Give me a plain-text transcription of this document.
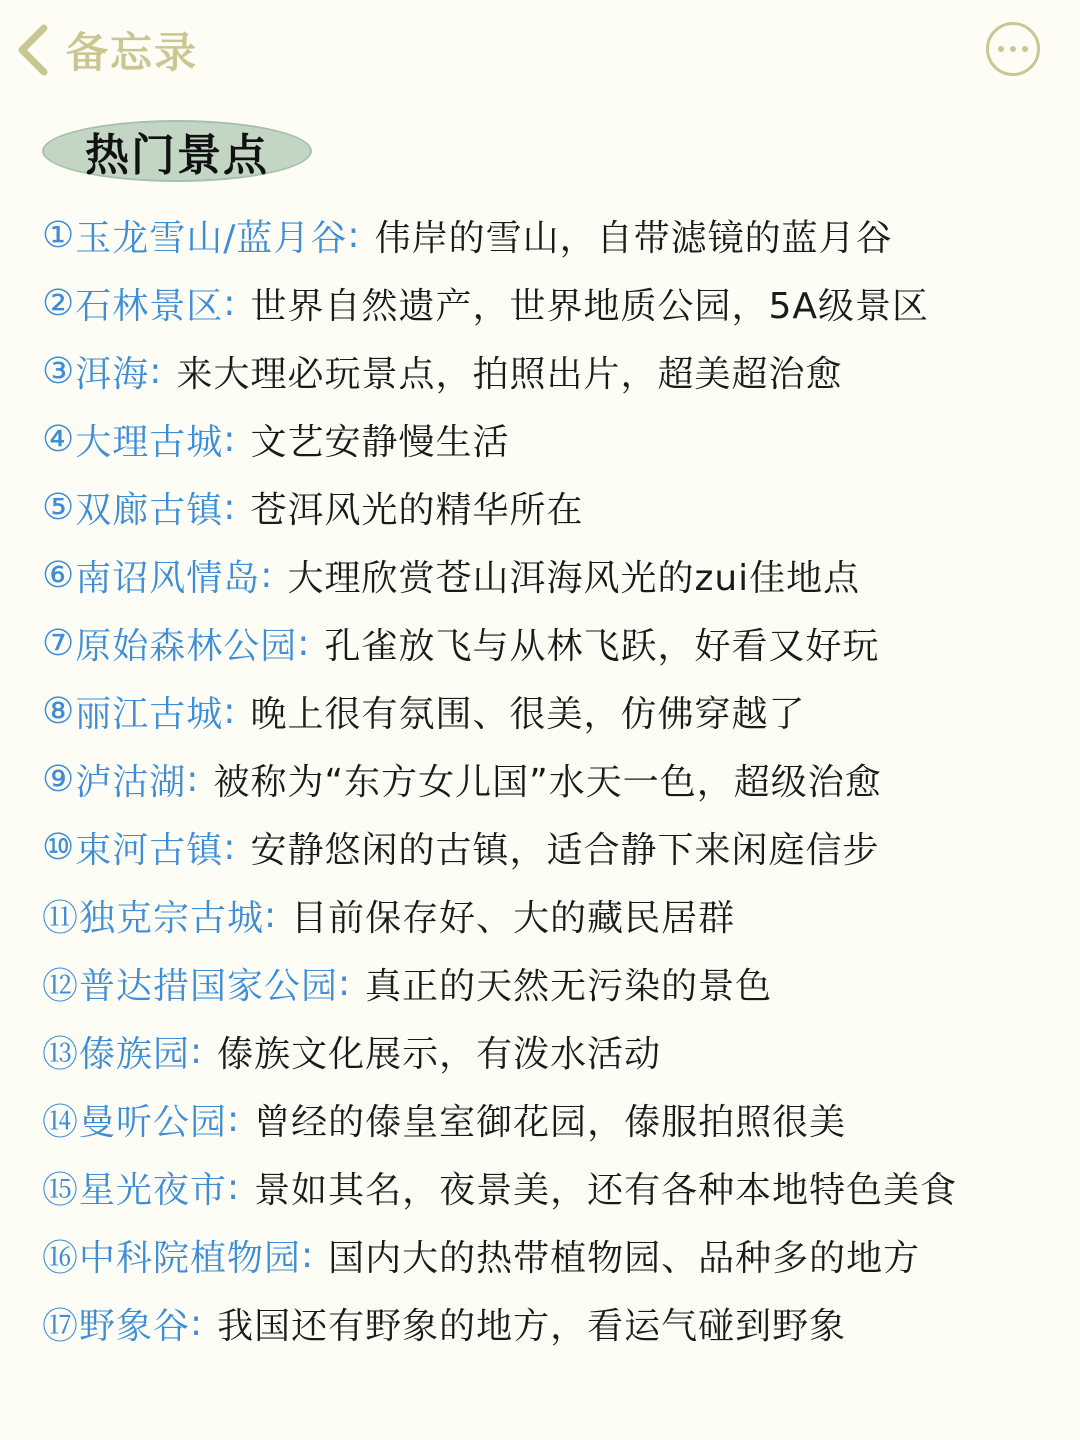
备忘录
热门景点
① 玉龙雪山/蓝月谷 : 伟岸的雪山，自带滤镜的蓝月谷
② 石林景区 : 世界自然遗产，世界地质公园，5A级景区
③ 洱海 : 来大理必玩景点，拍照出片，超美超治愈
④ 大理古城 : 文艺安静慢生活
⑤ 双廊古镇 : 苍洱风光的精华所在
⑥ 南诏风情岛 : 大理欣赏苍山洱海风光的zui佳地点
⑦ 原始森林公园 : 孔雀放飞与从林飞跃，好看又好玩
⑧ 丽江古城 : 晚上很有氛围、很美，仿佛穿越了
⑨ 泸沽湖 : 被称为“东方女儿国”水天一色，超级治愈
⑩ 束河古镇 : 安静悠闲的古镇，适合静下来闲庭信步
⑪ 独克宗古城 : 目前保存好、大的藏民居群
⑫ 普达措国家公园 : 真正的天然无污染的景色
⑬ 傣族园 : 傣族文化展示，有泼水活动
⑭ 曼听公园 : 曾经的傣皇室御花园，傣服拍照很美
⑮ 星光夜市 : 景如其名，夜景美，还有各种本地特色美食
⑯ 中科院植物园 : 国内大的热带植物园、品种多的地方
⑰ 野象谷 : 我国还有野象的地方，看运气碰到野象
